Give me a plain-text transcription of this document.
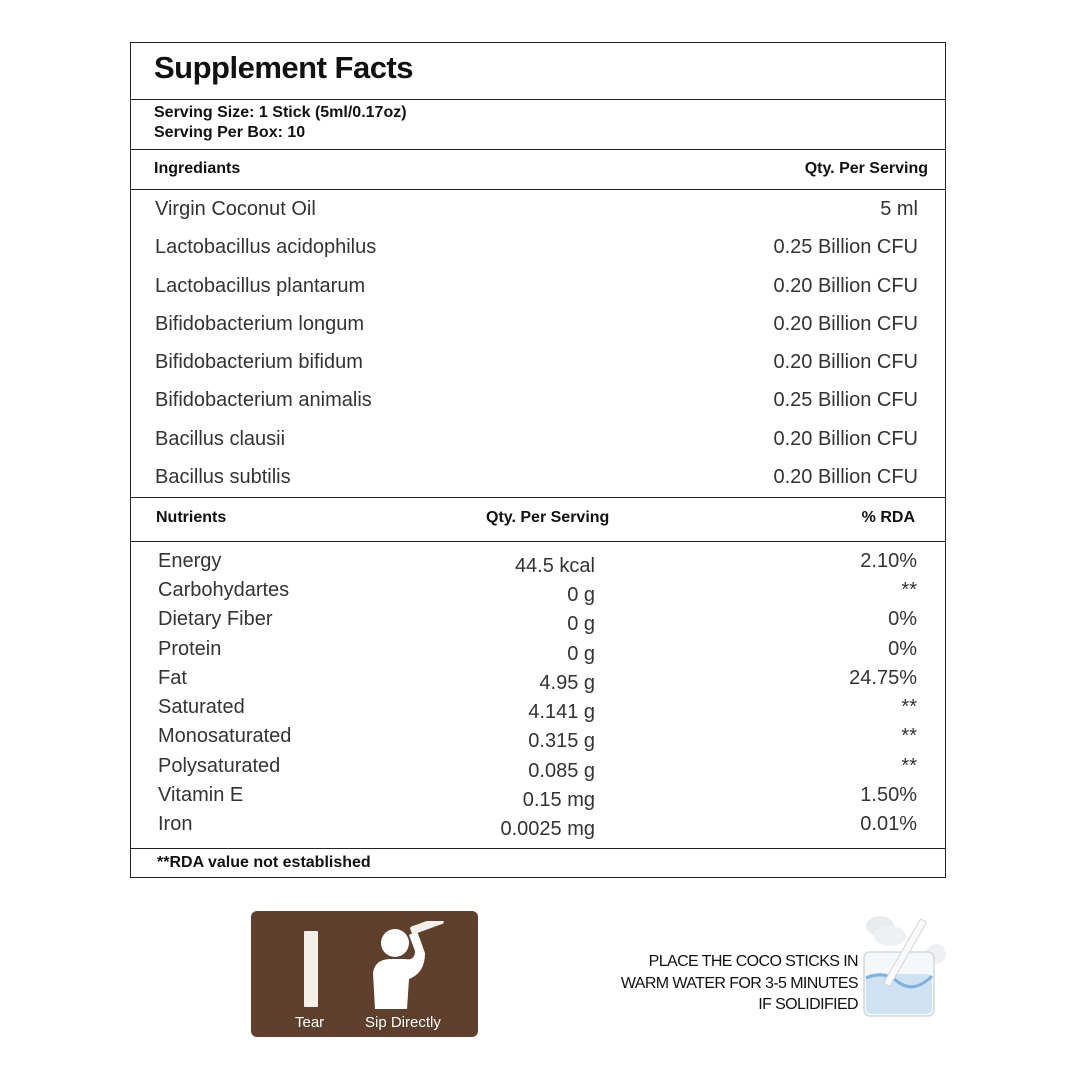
Supplement Facts
Serving Size: 1 Stick (5ml/0.17oz)
Serving Per Box: 10
Ingrediants	Qty. Per Serving
Virgin Coconut Oil	5 ml
Lactobacillus acidophilus	0.25 Billion CFU
Lactobacillus plantarum	0.20 Billion CFU
Bifidobacterium longum	0.20 Billion CFU
Bifidobacterium bifidum	0.20 Billion CFU
Bifidobacterium animalis	0.25 Billion CFU
Bacillus clausii	0.20 Billion CFU
Bacillus subtilis	0.20 Billion CFU
Nutrients	Qty. Per Serving	% RDA
Energy	44.5 kcal	2.10%
Carbohydartes	0 g	**
Dietary Fiber	0 g	0%
Protein	0 g	0%
Fat	4.95 g	24.75%
Saturated	4.141 g	**
Monosaturated	0.315 g	**
Polysaturated	0.085 g	**
Vitamin E	0.15 mg	1.50%
Iron	0.0025 mg	0.01%
**RDA value not established
Tear	Sip Directly
PLACE THE COCO STICKS IN
WARM WATER FOR 3-5 MINUTES
IF SOLIDIFIED
